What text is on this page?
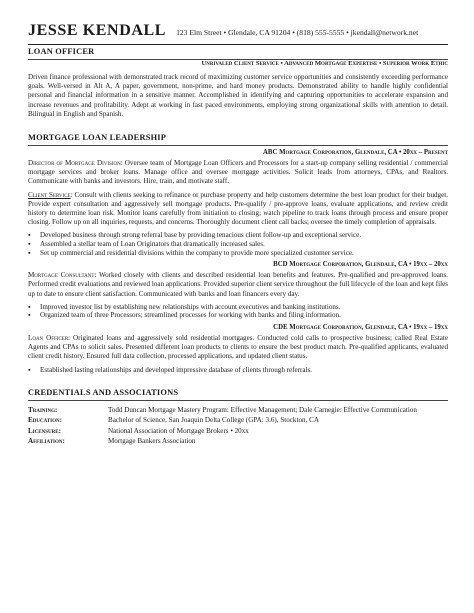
JESSE KENDALL 123 Elm Street • Glendale, CA 91204 • (818) 555-5555 • jkendall@network.net
LOAN OFFICER
Unrivaled Client Service • Advanced Mortgage Expertise • Superior Work Ethic

Driven finance professional with demonstrated track record of maximizing customer service opportunities and consistently exceeding performance goals. Well-versed in Alt A, A paper, government, non-prime, and hard money products. Demonstrated ability to handle highly confidential personal and financial information in a sensitive manner. Accomplished in identifying and capturing opportunities to accelerate expansion and increase revenues and profitability. Adept at working in fast paced environments, employing strong organizational skills with attention to detail. Bilingual in English and Spanish.

MORTGAGE LOAN LEADERSHIP
ABC Mortgage Corporation, Glendale, CA • 20xx – Present

Director of Mortgage Division: Oversee team of Mortgage Loan Officers and Processors for a start-up company selling residential / commercial mortgage services and broker loans. Manage office and oversee mortgage activities. Solicit leads from attorneys, CPAs, and Realtors. Communicate with banks and investors. Hire, train, and motivate staff.

Client Service: Consult with clients seeking to refinance or purchase property and help customers determine the best loan product for their budget. Provide expert consultation and aggressively sell mortgage products. Pre-qualify / pre-approve loans, evaluate applications, and review credit history to determine loan risk. Monitor loans carefully from initiation to closing; watch pipeline to track loans through process and ensure proper closing. Follow up on all inquiries, requests, and concerns. Thoroughly document client call backs; oversee the timely completion of appraisals.

▪ Developed business through strong referral base by providing tenacious client follow-up and exceptional service.
▪ Assembled a stellar team of Loan Originators that dramatically increased sales.
▪ Set up commercial and residential divisions within the company to provide more specialized customer service.
BCD Mortgage Corporation, Glendale, CA • 19xx – 20xx

Mortgage Consultant: Worked closely with clients and described residential loan benefits and features. Pre-qualified and pre-approved loans. Performed credit evaluations and reviewed loan applications. Provided superior client service throughout the full lifecycle of the loan and kept files up to date to ensure client satisfaction. Communicated with banks and loan financers every day.

▪ Improved investor list by establishing new relationships with account executives and banking institutions.
▪ Organized team of three Processors; streamlined processes for working with banks and filing information.
CDE Mortgage Corporation, Glendale, CA • 19xx – 19xx

Loan Officer: Originated loans and aggressively sold residential mortgages. Conducted cold calls to prospective business; called Real Estate Agents and CPAs to solicit sales. Presented different loan products to clients to ensure the best product match. Pre-qualified applicants, evaluated client credit history. Ensured full data collection, processed applications, and updated client status.

▪ Established lasting relationships and developed impressive database of clients through referrals.
CREDENTIALS AND ASSOCIATIONS
Training:	Todd Duncan Mortgage Mastery Program: Effective Management; Dale Carnegie: Effective Communication
Education:	Bachelor of Science, San Joaquin Delta College (GPA: 3.6), Stockton, CA
Licensure:	National Association of Mortgage Brokers • 20xx
Affiliation:	Mortgage Bankers Association
